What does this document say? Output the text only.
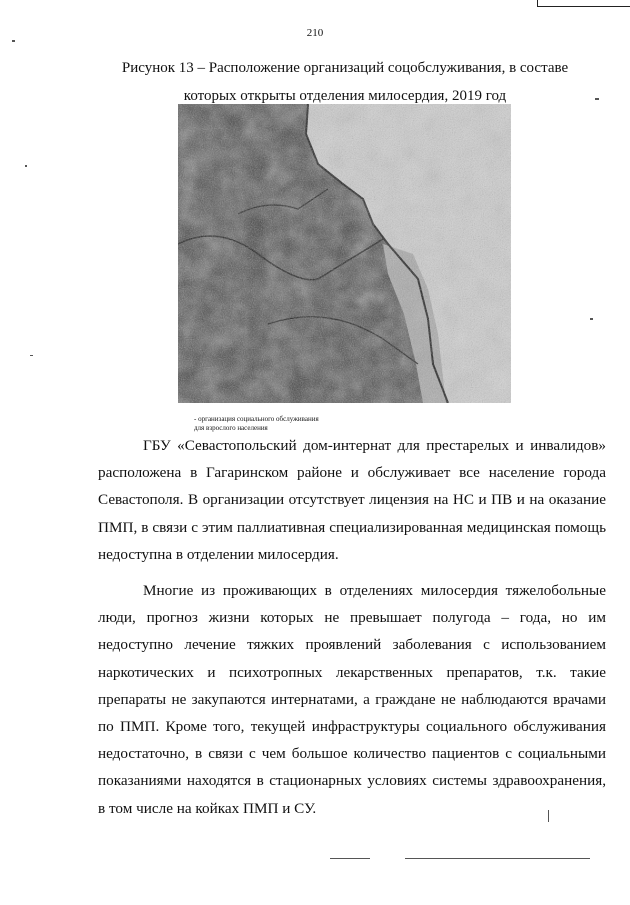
210
Рисунок 13 – Расположение организаций соцобслуживания, в составе
которых открыты отделения милосердия, 2019 год
- организация социального обслуживания
для взрослого населения

ГБУ «Севастопольский дом-интернат для престарелых и инвалидов» расположена в Гагаринском районе и обслуживает все население города Севастополя. В организации отсутствует лицензия на НС и ПВ и на оказание ПМП, в связи с этим паллиативная специализированная медицинская помощь недоступна в отделении милосердия.

Многие из проживающих в отделениях милосердия тяжелобольные люди, прогноз жизни которых не превышает полугода – года, но им недоступно лечение тяжких проявлений заболевания с использованием наркотических и психотропных лекарственных препаратов, т.к. такие препараты не закупаются интернатами, а граждане не наблюдаются врачами по ПМП. Кроме того, текущей инфраструктуры социального обслуживания недостаточно, в связи с чем большое количество пациентов с социальными показаниями находятся в стационарных условиях системы здравоохранения, в том числе на койках ПМП и СУ.
